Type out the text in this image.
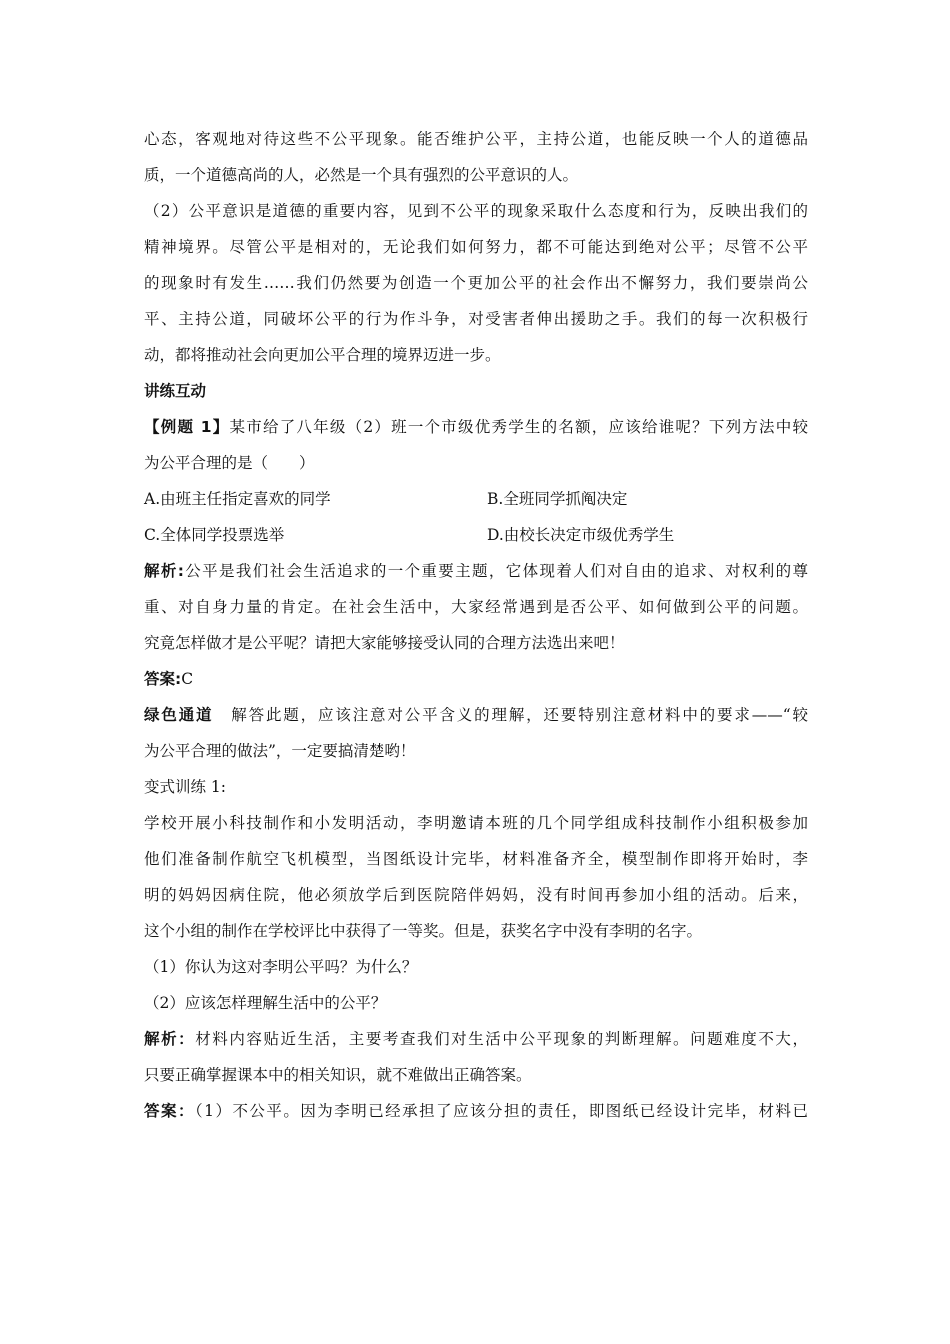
心态，客观地对待这些不公平现象。能否维护公平，主持公道，也能反映一个人的道德品
质，一个道德高尚的人，必然是一个具有强烈的公平意识的人。
（2）公平意识是道德的重要内容，见到不公平的现象采取什么态度和行为，反映出我们的
精神境界。尽管公平是相对的，无论我们如何努力，都不可能达到绝对公平；尽管不公平
的现象时有发生……我们仍然要为创造一个更加公平的社会作出不懈努力，我们要崇尚公
平、主持公道，同破坏公平的行为作斗争，对受害者伸出援助之手。我们的每一次积极行
动，都将推动社会向更加公平合理的境界迈进一步。
讲练互动
【例题 1】某市给了八年级（2）班一个市级优秀学生的名额，应该给谁呢？下列方法中较
为公平合理的是（　　）
A.由班主任指定喜欢的同学	B.全班同学抓阄决定
C.全体同学投票选举	D.由校长决定市级优秀学生
解析:公平是我们社会生活追求的一个重要主题，它体现着人们对自由的追求、对权利的尊
重、对自身力量的肯定。在社会生活中，大家经常遇到是否公平、如何做到公平的问题。
究竟怎样做才是公平呢？请把大家能够接受认同的合理方法选出来吧！
答案:C
绿色通道 解答此题，应该注意对公平含义的理解，还要特别注意材料中的要求——“较
为公平合理的做法”，一定要搞清楚哟！
变式训练 1:
学校开展小科技制作和小发明活动，李明邀请本班的几个同学组成科技制作小组积极参加
他们准备制作航空飞机模型，当图纸设计完毕，材料准备齐全，模型制作即将开始时，李
明的妈妈因病住院，他必须放学后到医院陪伴妈妈，没有时间再参加小组的活动。后来，
这个小组的制作在学校评比中获得了一等奖。但是，获奖名字中没有李明的名字。
（1）你认为这对李明公平吗？为什么？
（2）应该怎样理解生活中的公平？
解析：材料内容贴近生活，主要考查我们对生活中公平现象的判断理解。问题难度不大，
只要正确掌握课本中的相关知识，就不难做出正确答案。
答案：（1）不公平。因为李明已经承担了应该分担的责任，即图纸已经设计完毕，材料已
